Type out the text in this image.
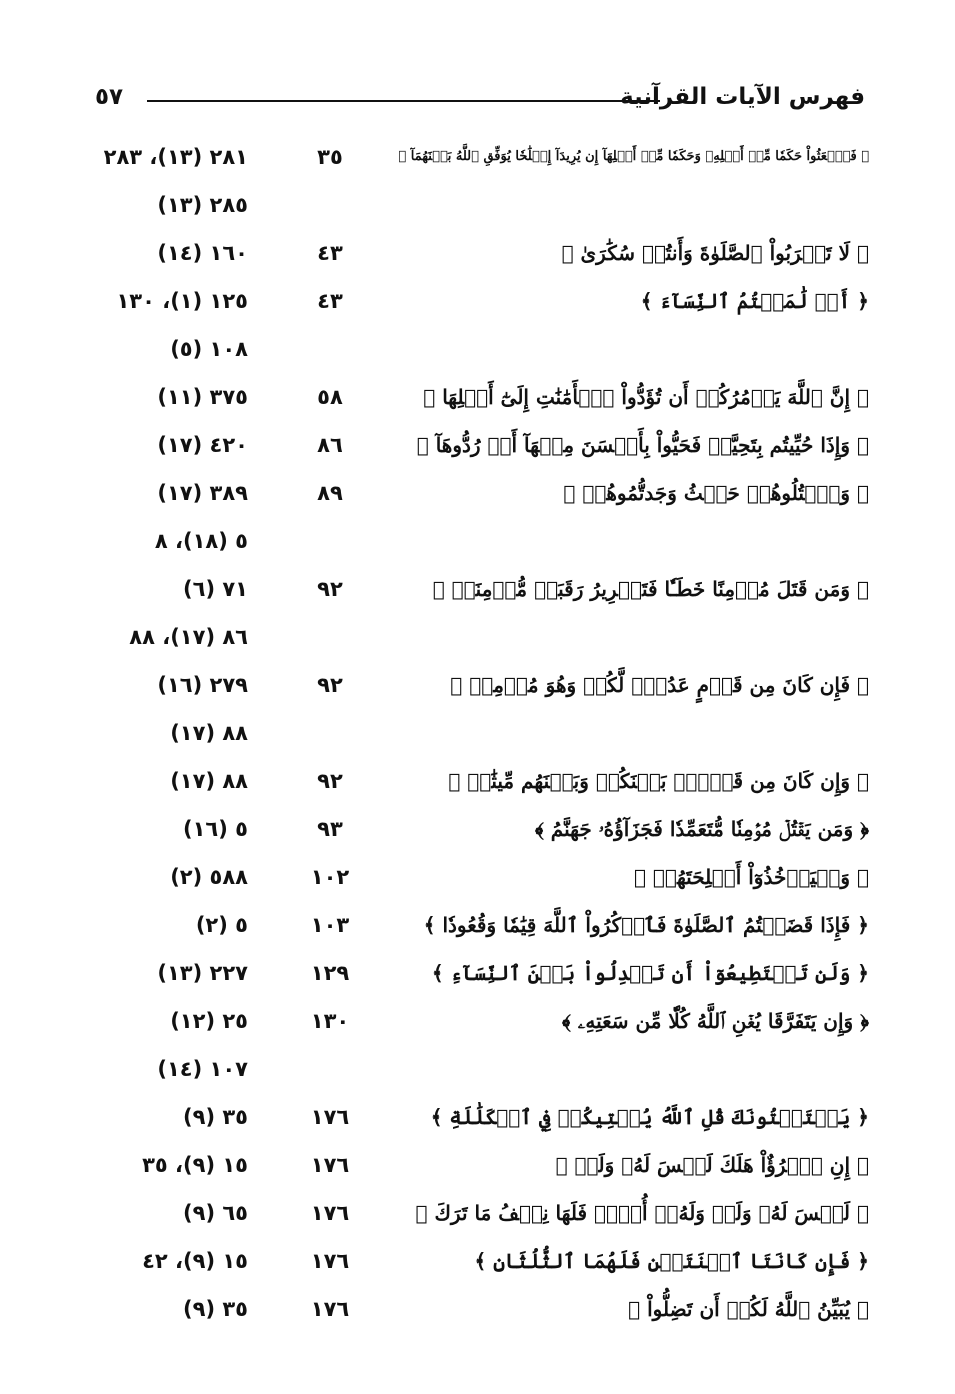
فهرس الآيات القرآنية
٥٧
﴿ فَٱبۡعَثُواْ حَكَمٗا مِّنۡ أَهۡلِهِۦ وَحَكَمٗا مِّنۡ أَهۡلِهَآ إِن يُرِيدَآ إِصۡلَٰحٗا يُوَفِّقِ ٱللَّهُ بَيۡنَهُمَآ ﴾
٣٥
٢٨١ (١٣)، ٢٨٣
٢٨٥ (١٣)
﴿ لَا تَقۡرَبُواْ ٱلصَّلَوٰةَ وَأَنتُمۡ سُكَٰرَىٰ ﴾
٤٣
١٦٠ (١٤)
﴿ أَوۡ لَٰمَسۡتُمُ ٱلنِّسَآءَ ﴾
٤٣
١٢٥ (١)، ١٣٠
١٠٨ (٥)
﴿ إِنَّ ٱللَّهَ يَأۡمُرُكُمۡ أَن تُؤَدُّواْ ٱلۡأَمَٰنَٰتِ إِلَىٰٓ أَهۡلِهَا ﴾
٥٨
٣٧٥ (١١)
﴿ وَإِذَا حُيِّيتُم بِتَحِيَّةٖ فَحَيُّواْ بِأَحۡسَنَ مِنۡهَآ أَوۡ رُدُّوهَآ ﴾
٨٦
٤٢٠ (١٧)
﴿ وَٱقۡتُلُوهُمۡ حَيۡثُ وَجَدتُّمُوهُمۡ ﴾
٨٩
٣٨٩ (١٧)
٥ (١٨)، ٨
﴿ وَمَن قَتَلَ مُؤۡمِنًا خَطَـٔٗا فَتَحۡرِيرُ رَقَبَةٖ مُّؤۡمِنَةٖ ﴾
٩٢
٧١ (٦)
٨٦ (١٧)، ٨٨
﴿ فَإِن كَانَ مِن قَوۡمٍ عَدُوّٖ لَّكُمۡ وَهُوَ مُؤۡمِنٞ ﴾
٩٢
٢٧٩ (١٦)
٨٨ (١٧)
﴿ وَإِن كَانَ مِن قَوۡمِۭ بَيۡنَكُمۡ وَبَيۡنَهُم مِّيثَٰقٞ ﴾
٩٢
٨٨ (١٧)
﴿ وَمَن يَقۡتُلۡ مُؤۡمِنٗا مُّتَعَمِّدٗا فَجَزَآؤُهُۥ جَهَنَّمُ ﴾
٩٣
٥ (١٦)
﴿ وَلۡيَأۡخُذُوٓاْ أَسۡلِحَتَهُمۡ ﴾
١٠٢
٥٨٨ (٢)
﴿ فَإِذَا قَضَيۡتُمُ ٱلصَّلَوٰةَ فَٱذۡكُرُواْ ٱللَّهَ قِيَٰمٗا وَقُعُودٗا ﴾
١٠٣
٥ (٢)
﴿ وَلَن تَسۡتَطِيعُوٓاْ أَن تَعۡدِلُواْ بَيۡنَ ٱلنِّسَآءِ ﴾
١٢٩
٢٢٧ (١٣)
﴿ وَإِن يَتَفَرَّقَا يُغۡنِ ٱللَّهُ كُلّٗا مِّن سَعَتِهِۦ ﴾
١٣٠
٢٥ (١٢)
١٠٧ (١٤)
﴿ يَسۡتَفۡتُونَكَ قُلِ ٱللَّهُ يُفۡتِيكُمۡ فِي ٱلۡكَلَٰلَةِ ﴾
١٧٦
٣٥ (٩)
﴿ إِنِ ٱمۡرُؤٌاْ هَلَكَ لَيۡسَ لَهُۥ وَلَدٞ ﴾
١٧٦
١٥ (٩)، ٣٥
﴿ لَيۡسَ لَهُۥ وَلَدٞ وَلَهُۥٓ أُخۡتٞ فَلَهَا نِصۡفُ مَا تَرَكَ ﴾
١٧٦
٦٥ (٩)
﴿ فَإِن كَانَتَا ٱثۡنَتَيۡنِ فَلَهُمَا ٱلثُّلُثَانِ ﴾
١٧٦
١٥ (٩)، ٤٢
﴿ يُبَيِّنُ ٱللَّهُ لَكُمۡ أَن تَضِلُّواْ ﴾
١٧٦
٣٥ (٩)
